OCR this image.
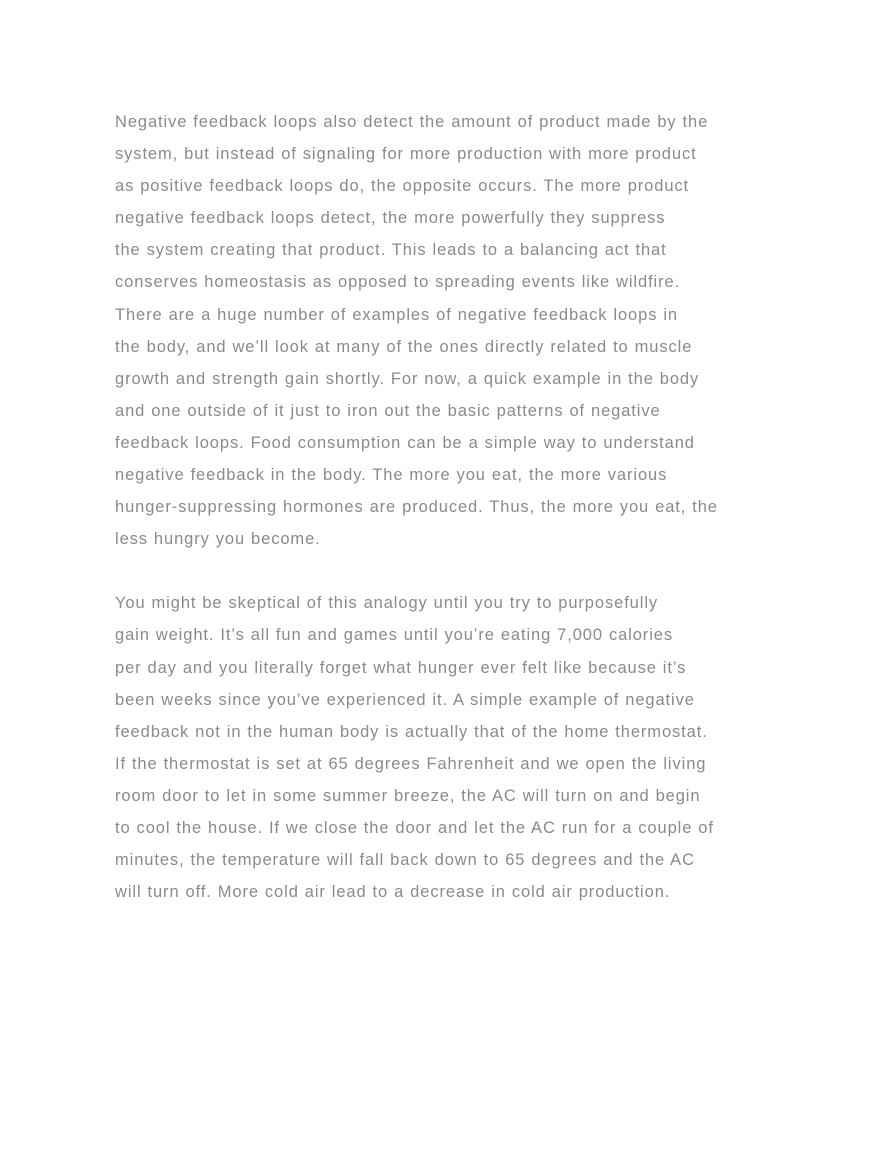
Negative feedback loops also detect the amount of product made by the
system, but instead of signaling for more production with more product
as positive feedback loops do, the opposite occurs. The more product
negative feedback loops detect, the more powerfully they suppress
the system creating that product. This leads to a balancing act that
conserves homeostasis as opposed to spreading events like wildfire.
There are a huge number of examples of negative feedback loops in
the body, and we’ll look at many of the ones directly related to muscle
growth and strength gain shortly. For now, a quick example in the body
and one outside of it just to iron out the basic patterns of negative
feedback loops. Food consumption can be a simple way to understand
negative feedback in the body. The more you eat, the more various
hunger-suppressing hormones are produced. Thus, the more you eat, the
less hungry you become.

You might be skeptical of this analogy until you try to purposefully
gain weight. It’s all fun and games until you’re eating 7,000 calories
per day and you literally forget what hunger ever felt like because it’s
been weeks since you’ve experienced it. A simple example of negative
feedback not in the human body is actually that of the home thermostat.
If the thermostat is set at 65 degrees Fahrenheit and we open the living
room door to let in some summer breeze, the AC will turn on and begin
to cool the house. If we close the door and let the AC run for a couple of
minutes, the temperature will fall back down to 65 degrees and the AC
will turn off. More cold air lead to a decrease in cold air production.
